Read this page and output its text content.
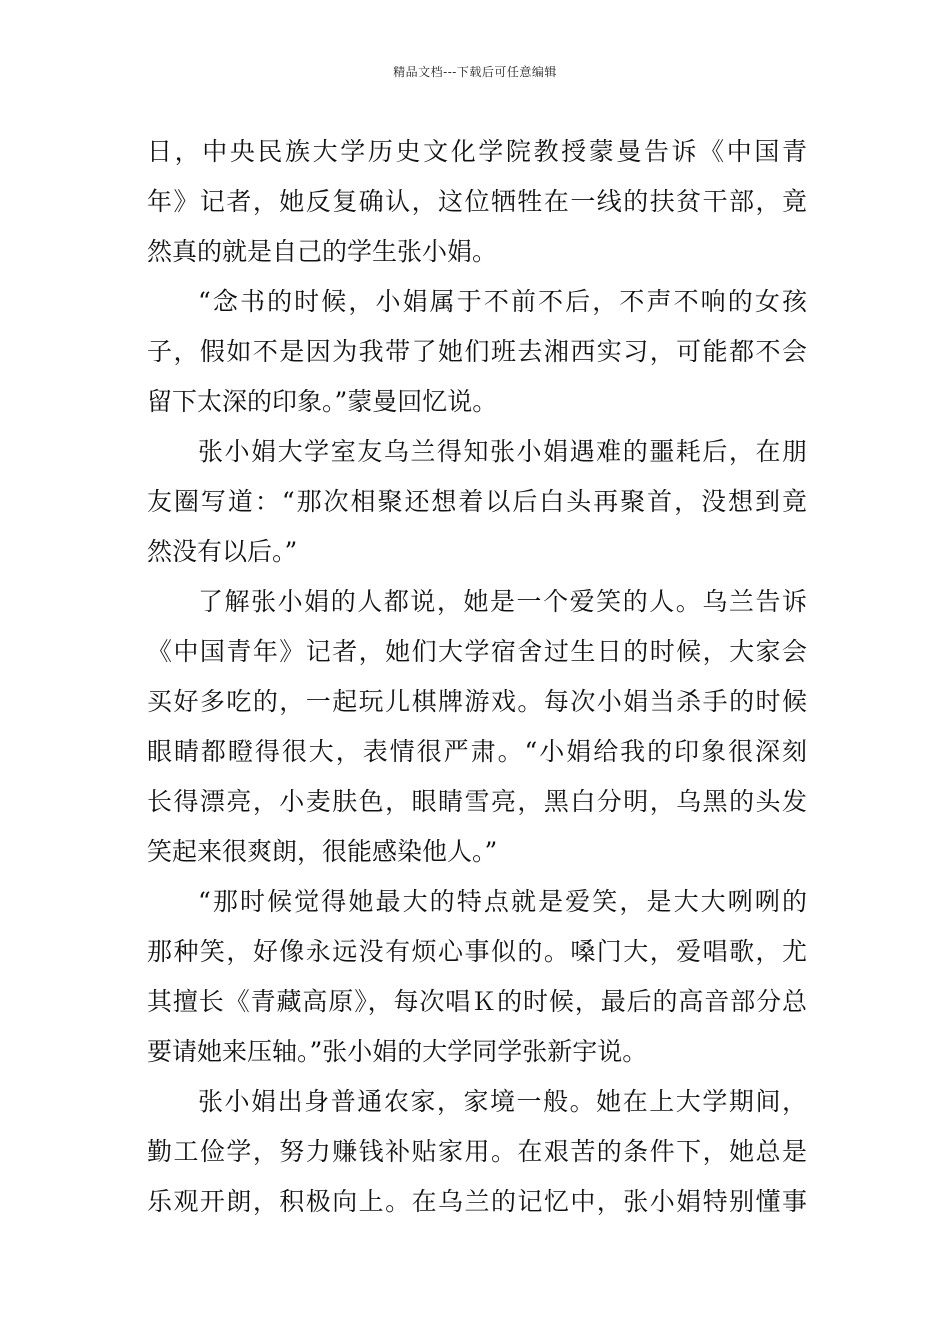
精品文档---下载后可任意编辑
日，中央民族大学历史文化学院教授蒙曼告诉《中国青
年》记者，她反复确认，这位牺牲在一线的扶贫干部，竟
然真的就是自己的学生张小娟。
“念书的时候，小娟属于不前不后，不声不响的女孩
子，假如不是因为我带了她们班去湘西实习，可能都不会
留下太深的印象。”蒙曼回忆说。
张小娟大学室友乌兰得知张小娟遇难的噩耗后，在朋
友圈写道：“那次相聚还想着以后白头再聚首，没想到竟
然没有以后。”
了解张小娟的人都说，她是一个爱笑的人。乌兰告诉
《中国青年》记者，她们大学宿舍过生日的时候，大家会
买好多吃的，一起玩儿棋牌游戏。每次小娟当杀手的时候
眼睛都瞪得很大，表情很严肃。“小娟给我的印象很深刻
长得漂亮，小麦肤色，眼睛雪亮，黑白分明，乌黑的头发
笑起来很爽朗，很能感染他人。”
“那时候觉得她最大的特点就是爱笑，是大大咧咧的
那种笑，好像永远没有烦心事似的。嗓门大，爱唱歌，尤
其擅长《青藏高原》，每次唱Ｋ的时候，最后的高音部分总
要请她来压轴。”张小娟的大学同学张新宇说。
张小娟出身普通农家，家境一般。她在上大学期间，
勤工俭学，努力赚钱补贴家用。在艰苦的条件下，她总是
乐观开朗，积极向上。在乌兰的记忆中，张小娟特别懂事
